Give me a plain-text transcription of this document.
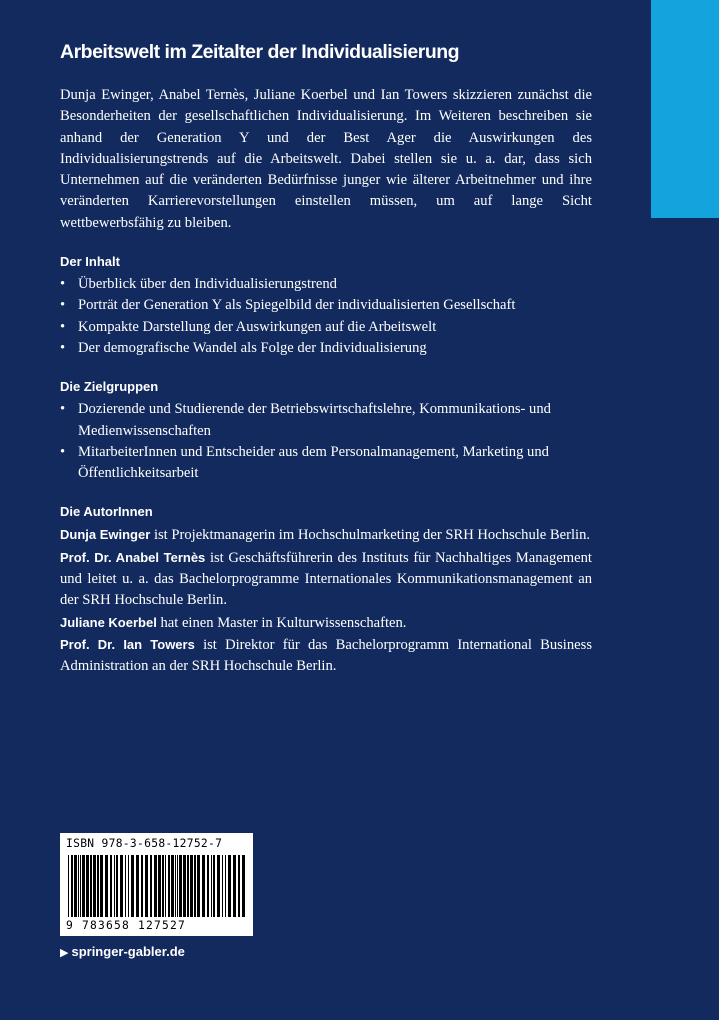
Arbeitswelt im Zeitalter der Individualisierung

Dunja Ewinger, Anabel Ternès, Juliane Koerbel und Ian Towers skizzieren zunächst die Besonderheiten der gesellschaftlichen Individualisierung. Im Weiteren beschreiben sie anhand der Generation Y und der Best Ager die Auswirkungen des Individualisierungstrends auf die Arbeitswelt. Dabei stellen sie u. a. dar, dass sich Unternehmen auf die veränderten Bedürfnisse junger wie älterer Arbeitnehmer und ihre veränderten Karrierevorstellungen einstellen müssen, um auf lange Sicht wettbewerbsfähig zu bleiben.

Der Inhalt
• Überblick über den Individualisierungstrend
• Porträt der Generation Y als Spiegelbild der individualisierten Gesellschaft
• Kompakte Darstellung der Auswirkungen auf die Arbeitswelt
• Der demografische Wandel als Folge der Individualisierung
Die Zielgruppen
• Dozierende und Studierende der Betriebswirtschaftslehre, Kommunikations- und Medienwissenschaften
• MitarbeiterInnen und Entscheider aus dem Personalmanagement, Marketing und Öffentlichkeitsarbeit
Die AutorInnen

Dunja Ewinger ist Projektmanagerin im Hochschulmarketing der SRH Hochschule Berlin.

Prof. Dr. Anabel Ternès ist Geschäftsführerin des Instituts für Nachhaltiges Management und leitet u. a. das Bachelorprogramme Internationales Kommunikationsmanagement an der SRH Hochschule Berlin.

Juliane Koerbel hat einen Master in Kulturwissenschaften.

Prof. Dr. Ian Towers ist Direktor für das Bachelorprogramm International Business Administration an der SRH Hochschule Berlin.

ISBN 978-3-658-12752-7
9 783658 127527
▶ springer-gabler.de
